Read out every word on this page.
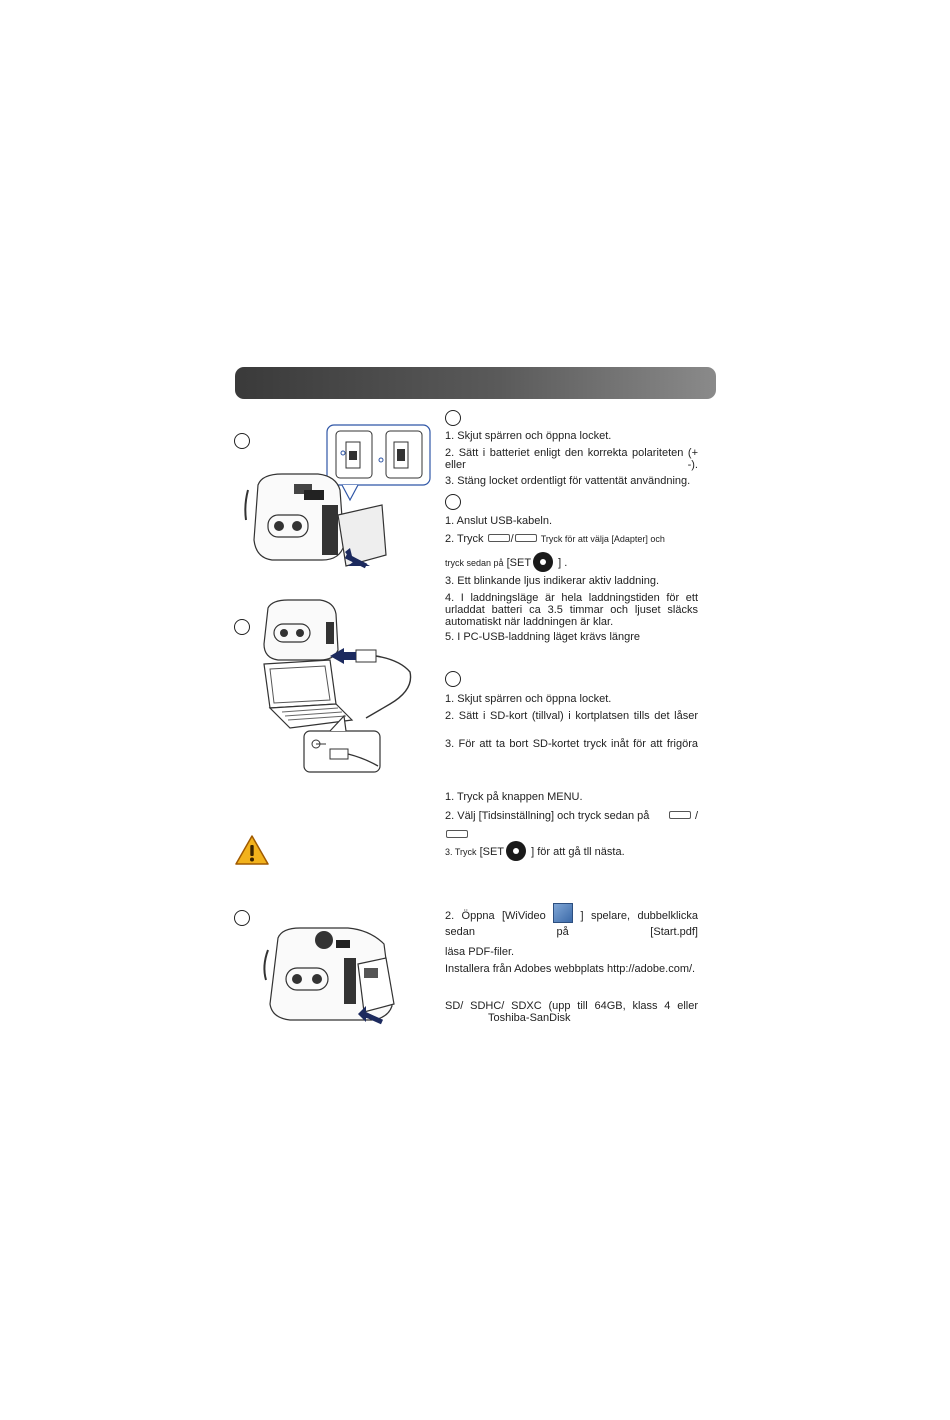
1. Skjut spärren och öppna locket.
2. Sätt i batteriet enligt den korrekta polariteten (+ eller -).
3. Stäng locket ordentligt för vattentät användning.
1. Anslut USB-kabeln.
2. Tryck /	Tryck för att välja [Adapter] och
tryck sedan på [SET ] .
3. Ett blinkande ljus indikerar aktiv laddning.
4. I laddningsläge är hela laddningstiden för ett urladdat batteri ca 3.5 timmar och ljuset släcks automatiskt när laddningen är klar.
5. I PC-USB-laddning läget krävs längre
1. Skjut spärren och öppna locket.
2. Sätt i SD-kort (tillval) i kortplatsen tills det låser
3. För att ta bort SD-kortet tryck inåt för att frigöra
1. Tryck på knappen MENU.
2. Välj [Tidsinställning] och tryck sedan på	/
3. Tryck [SET ] för att gå tll nästa.
2. Öppna [WiVideo	] spelare, dubbelklicka sedan på [Start.pdf]
läsa PDF-filer.
Installera från Adobes webbplats http://adobe.com/.
SD/ SDHC/ SDXC (upp till 64GB, klass 4 eller
Toshiba-SanDisk
